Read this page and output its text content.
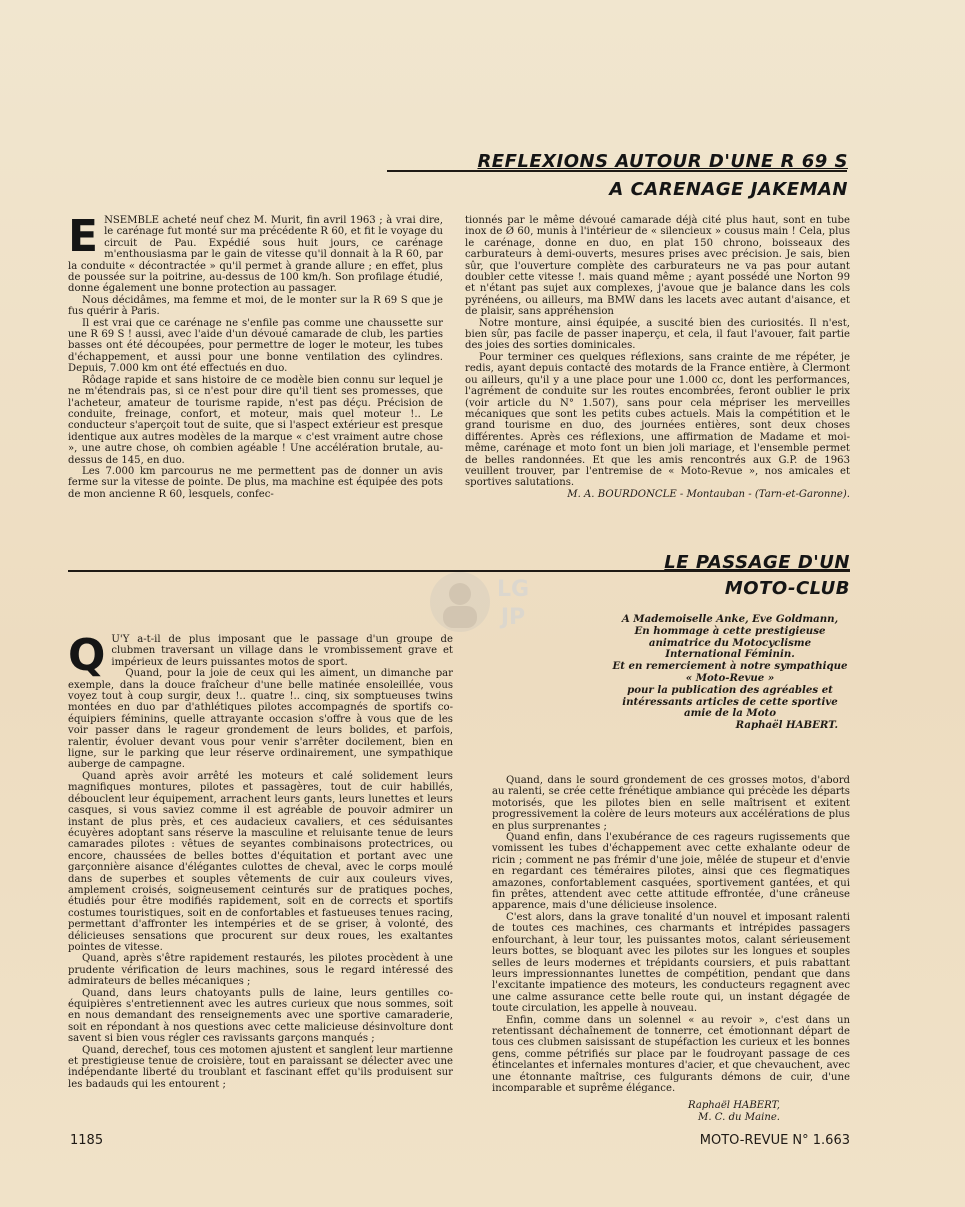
REFLEXIONS AUTOUR D'UNE R 69 S
A CARENAGE JAKEMAN
E NSEMBLE acheté neuf chez M. Murit, fin avril 1963 ; à vrai dire, le carénage fut monté sur ma précédente R 60, et fit le voyage du circuit de Pau. Expédié sous huit jours, ce carénage m'enthousiasma par le gain de vitesse qu'il donnait à la R 60, par la conduite « décontractée » qu'il permet à grande allure ; en effet, plus de poussée sur la poitrine, au-dessus de 100 km/h. Son profilage étudié, donne également une bonne protection au passager.

Nous décidâmes, ma femme et moi, de le monter sur la R 69 S que je fus quérir à Paris.

Il est vrai que ce carénage ne s'enfile pas comme une chaussette sur une R 69 S ! aussi, avec l'aide d'un dévoué camarade de club, les parties basses ont été découpées, pour permettre de loger le moteur, les tubes d'échappement, et aussi pour une bonne ventilation des cylindres. Depuis, 7.000 km ont été effectués en duo.

Rôdage rapide et sans histoire de ce modèle bien connu sur lequel je ne m'étendrais pas, si ce n'est pour dire qu'il tient ses promesses, que l'acheteur, amateur de tourisme rapide, n'est pas déçu. Précision de conduite, freinage, confort, et moteur, mais quel moteur !.. Le conducteur s'aperçoit tout de suite, que si l'aspect extérieur est presque identique aux autres modèles de la marque « c'est vraiment autre chose », une autre chose, oh combien agéable ! Une accélération brutale, au-dessus de 145, en duo.

Les 7.000 km parcourus ne me permettent pas de donner un avis ferme sur la vitesse de pointe. De plus, ma machine est équipée des pots de mon ancienne R 60, lesquels, confec-

tionnés par le même dévoué camarade déjà cité plus haut, sont en tube inox de Ø 60, munis à l'intérieur de « silencieux » cousus main ! Cela, plus le carénage, donne en duo, en plat 150 chrono, boisseaux des carburateurs à demi-ouverts, mesures prises avec précision. Je sais, bien sûr, que l'ouverture complète des carburateurs ne va pas pour autant doubler cette vitesse !. mais quand même ; ayant possédé une Norton 99 et n'étant pas sujet aux complexes, j'avoue que je balance dans les cols pyrénéens, ou ailleurs, ma BMW dans les lacets avec autant d'aisance, et de plaisir, sans appréhension

Notre monture, ainsi équipée, a suscité bien des curiosités. Il n'est, bien sûr, pas facile de passer inaperçu, et cela, il faut l'avouer, fait partie des joies des sorties dominicales.

Pour terminer ces quelques réflexions, sans crainte de me répéter, je redis, ayant depuis contacté des motards de la France entière, à Clermont ou ailleurs, qu'il y a une place pour une 1.000 cc, dont les performances, l'agrément de conduite sur les routes encombrées, feront oublier le prix (voir article du N° 1.507), sans pour cela mépriser les merveilles mécaniques que sont les petits cubes actuels. Mais la compétition et le grand tourisme en duo, des journées entières, sont deux choses différentes. Après ces réflexions, une affirmation de Madame et moi-même, carénage et moto font un bien joli mariage, et l'ensemble permet de belles randonnées. Et que les amis rencontrés aux G.P. de 1963 veuillent trouver, par l'entremise de « Moto-Revue », nos amicales et sportives salutations.

M. A. BOURDONCLE - Montauban - (Tarn-et-Garonne).

LE PASSAGE D'UN
MOTO-CLUB
LG
JP	A Mademoiselle Anke, Eve Goldmann,
En hommage à cette prestigieuse animatrice du Motocyclisme International Féminin.
Et en remerciement à notre sympathique « Moto-Revue »
pour la publication des agréables et intéressants articles de cette sportive amie de la Moto
Raphaël HABERT.
Q U'Y a-t-il de plus imposant que le passage d'un groupe de clubmen traversant un village dans le vrombissement grave et impérieux de leurs puissantes motos de sport.

Quand, pour la joie de ceux qui les aiment, un dimanche par exemple, dans la douce fraîcheur d'une belle matinée ensoleillée, vous voyez tout à coup surgir, deux !.. quatre !.. cinq, six somptueuses twins montées en duo par d'athlétiques pilotes accompagnés de sportifs co-équipiers féminins, quelle attrayante occasion s'offre à vous que de les voir passer dans le rageur grondement de leurs bolides, et parfois, ralentir, évoluer devant vous pour venir s'arrêter docilement, bien en ligne, sur le parking que leur réserve ordinairement, une sympathique auberge de campagne.

Quand après avoir arrêté les moteurs et calé solidement leurs magnifiques montures, pilotes et passagères, tout de cuir habillés, débouclent leur équipement, arrachent leurs gants, leurs lunettes et leurs casques, si vous saviez comme il est agréable de pouvoir admirer un instant de plus près, et ces audacieux cavaliers, et ces séduisantes écuyères adoptant sans réserve la masculine et reluisante tenue de leurs camarades pilotes : vêtues de seyantes combinaisons protectrices, ou encore, chaussées de belles bottes d'équitation et portant avec une garçonnière aisance d'élégantes culottes de cheval, avec le corps moulé dans de superbes et souples vêtements de cuir aux couleurs vives, amplement croisés, soigneusement ceinturés sur de pratiques poches, étudiés pour être modifiés rapidement, soit en de corrects et sportifs costumes touristiques, soit en de confortables et fastueuses tenues racing, permettant d'affronter les intempéries et de se griser, à volonté, des délicieuses sensations que procurent sur deux roues, les exaltantes pointes de vitesse.

Quand, après s'être rapidement restaurés, les pilotes procèdent à une prudente vérification de leurs machines, sous le regard intéressé des admirateurs de belles mécaniques ;

Quand, dans leurs chatoyants pulls de laine, leurs gentilles co-équipières s'entretiennent avec les autres curieux que nous sommes, soit en nous demandant des renseignements avec une sportive camaraderie, soit en répondant à nos questions avec cette malicieuse désinvolture dont savent si bien vous régler ces ravissants garçons manqués ;

Quand, derechef, tous ces motomen ajustent et sanglent leur martienne et prestigieuse tenue de croisière, tout en paraissant se délecter avec une indépendante liberté du troublant et fascinant effet qu'ils produisent sur les badauds qui les entourent ;

Quand, dans le sourd grondement de ces grosses motos, d'abord au ralenti, se crée cette frénétique ambiance qui précède les départs motorisés, que les pilotes bien en selle maîtrisent et exitent progressivement la colère de leurs moteurs aux accélérations de plus en plus surprenantes ;

Quand enfin, dans l'exubérance de ces rageurs rugissements que vomissent les tubes d'échappement avec cette exhalante odeur de ricin ; comment ne pas frémir d'une joie, mêlée de stupeur et d'envie en regardant ces téméraires pilotes, ainsi que ces flegmatiques amazones, confortablement casquées, sportivement gantées, et qui fin prêtes, attendent avec cette attitude effrontée, d'une crâneuse apparence, mais d'une délicieuse insolence.

C'est alors, dans la grave tonalité d'un nouvel et imposant ralenti de toutes ces machines, ces charmants et intrépides passagers enfourchant, à leur tour, les puissantes motos, calant sérieusement leurs bottes, se bloquant avec les pilotes sur les longues et souples selles de leurs modernes et trépidants coursiers, et puis rabattant leurs impressionnantes lunettes de compétition, pendant que dans l'excitante impatience des moteurs, les conducteurs regagnent avec une calme assurance cette belle route qui, un instant dégagée de toute circulation, les appelle à nouveau.

Enfin, comme dans un solennel « au revoir », c'est dans un retentissant déchaînement de tonnerre, cet émotionnant départ de tous ces clubmen saisissant de stupéfaction les curieux et les bonnes gens, comme pétrifiés sur place par le foudroyant passage de ces étincelantes et infernales montures d'acier, et que chevauchent, avec une étonnante maîtrise, ces fulgurants démons de cuir, d'une incomparable et suprême élégance.

Raphaël HABERT,

M. C. du Maine.

1185	MOTO-REVUE N° 1.663
